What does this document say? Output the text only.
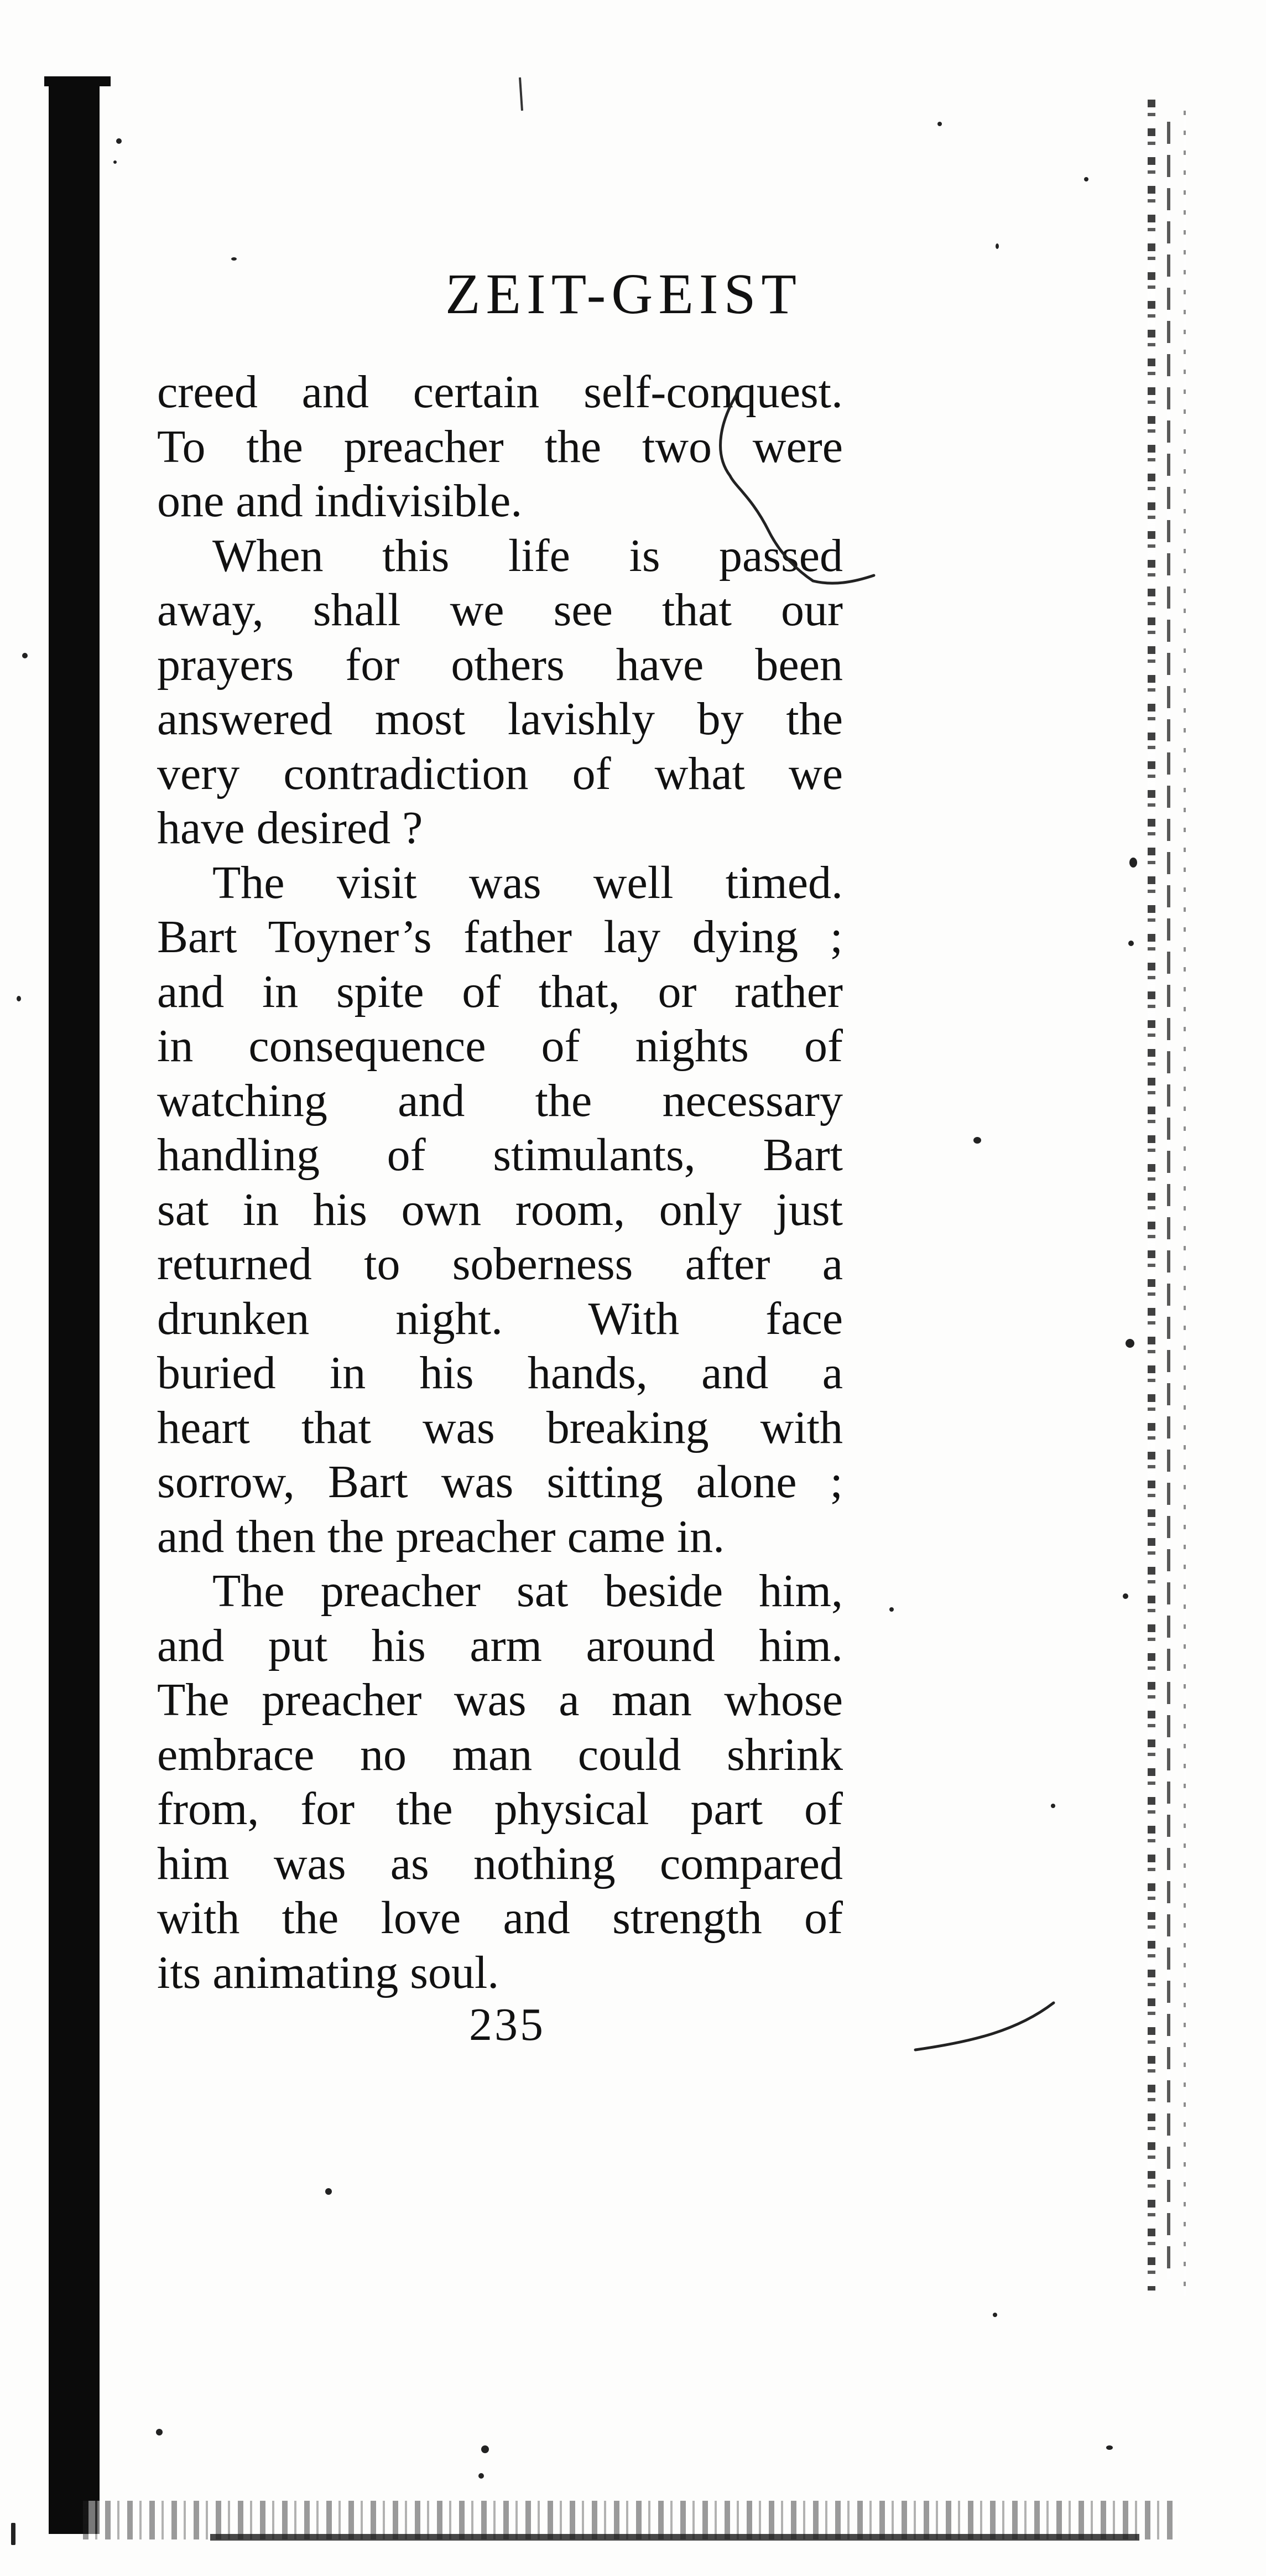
ZEIT-GEIST
creed and certain self-conquest.
To the preacher the two were
one and indivisible.
When this life is passed
away, shall we see that our
prayers for others have been
answered most lavishly by the
very contradiction of what we
have desired ?
The visit was well timed.
Bart Toyner’s father lay dying ;
and in spite of that, or rather
in consequence of nights of
watching and the necessary
handling of stimulants, Bart
sat in his own room, only just
returned to soberness after a
drunken night. With face
buried in his hands, and a
heart that was breaking with
sorrow, Bart was sitting alone ;
and then the preacher came in.
The preacher sat beside him,
and put his arm around him.
The preacher was a man whose
embrace no man could shrink
from, for the physical part of
him was as nothing compared
with the love and strength of
its animating soul.
235
